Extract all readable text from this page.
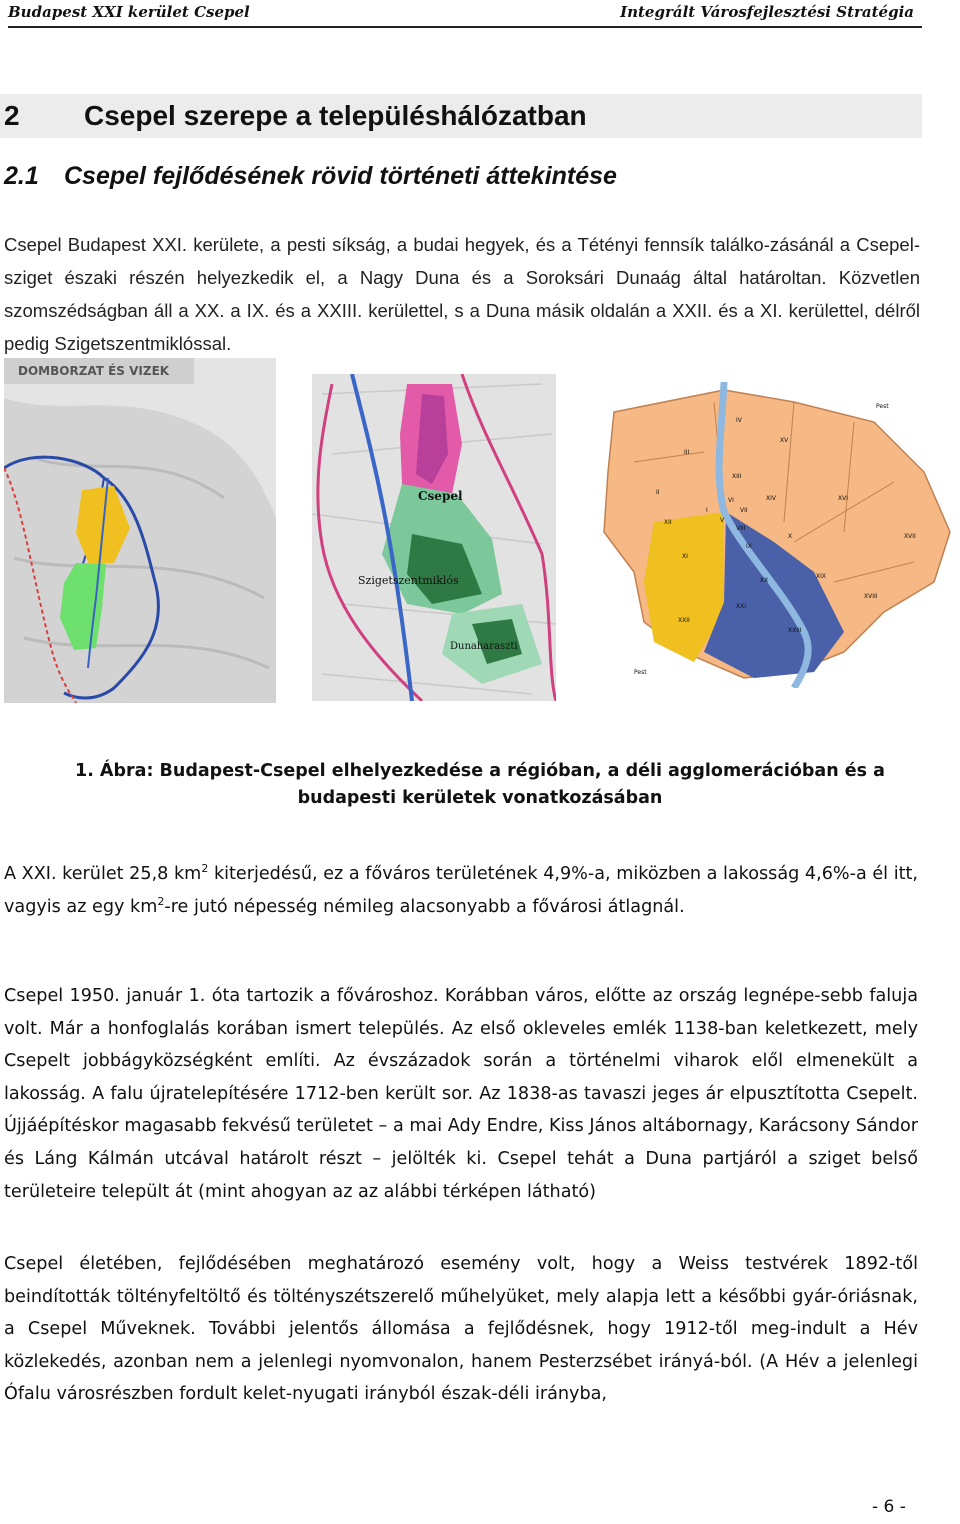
Budapest XXI kerület Csepel	Integrált Városfejlesztési Stratégia
2 Csepel szerepe a településhálózatban
2.1 Csepel fejlődésének rövid történeti áttekintése
Csepel Budapest XXI. kerülete, a pesti síkság, a budai hegyek, és a Tétényi fennsík találko-zásánál a Csepel-sziget északi részén helyezkedik el, a Nagy Duna és a Soroksári Dunaág által határoltan. Közvetlen szomszédságban áll a XX. a IX. és a XXIII. kerülettel, s a Duna másik oldalán a XXII. és a XI. kerülettel, délről pedig Szigetszentmiklóssal.
DOMBORZAT ÉS VIZEK
Csepel
Szigetszentmiklós
Dunaharaszti
Pest
IV
XV
III
II
XIII
XIV	XVI
I
VI
VII
XII	V
VIII
XI
X
IX
XVII
XXII
XX
XIX
XVIII
XXI
XXIII
Pest
1. Ábra: Budapest-Csepel elhelyezkedése a régióban, a déli agglomerációban és a
budapesti kerületek vonatkozásában
A XXI. kerület 25,8 $km^2$ kiterjedésű, ez a főváros területének 4,9%-a, miközben a lakosság 4,6%-a él itt, vagyis az egy $km^2-re$ jutó népesség némileg alacsonyabb a fővárosi átlagnál.
Csepel 1950. január 1. óta tartozik a fővároshoz. Korábban város, előtte az ország legnépe-sebb faluja volt. Már a honfoglalás korában ismert település. Az első okleveles emlék 1138-ban keletkezett, mely Csepelt jobbágyközségként említi. Az évszázadok során a történelmi viharok elől elmenekült a lakosság. A falu újratelepítésére 1712-ben került sor. Az 1838-as tavaszi jeges ár elpusztította Csepelt. Újjáépítéskor magasabb fekvésű területet – a mai Ady Endre, Kiss János altábornagy, Karácsony Sándor és Láng Kálmán utcával határolt részt – jelölték ki. Csepel tehát a Duna partjáról a sziget belső területeire települt át (mint ahogyan az az alábbi térképen látható)
Csepel életében, fejlődésében meghatározó esemény volt, hogy a Weiss testvérek 1892-től beindították töltényfeltöltő és töltényszétszerelő műhelyüket, mely alapja lett a későbbi gyár-óriásnak, a Csepel Műveknek. További jelentős állomása a fejlődésnek, hogy 1912-től meg-indult a Hév közlekedés, azonban nem a jelenlegi nyomvonalon, hanem Pesterzsébet irányá-ból. (A Hév a jelenlegi Ófalu városrészben fordult kelet-nyugati irányból észak-déli irányba,
- 6 -
